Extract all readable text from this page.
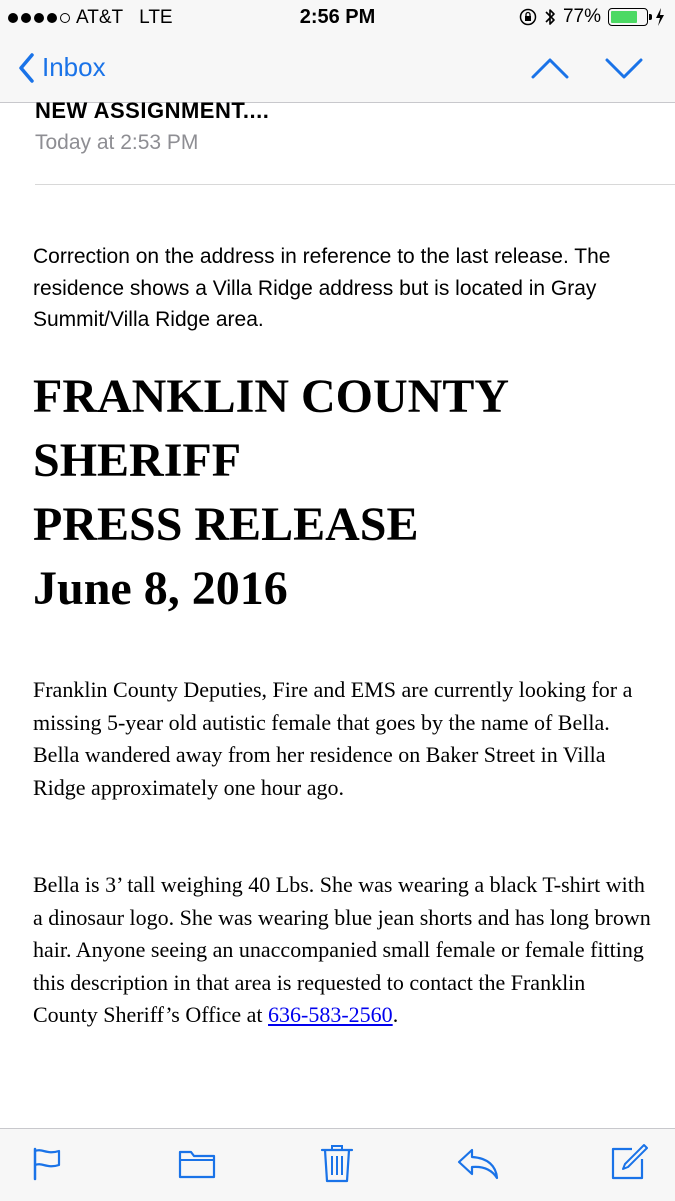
AT&T LTE	2:56 PM	77%
Inbox
NEW ASSIGNMENT....
Today at 2:53 PM
Correction on the address in reference to the last release. The residence shows a Villa Ridge address but is located in Gray Summit/Villa Ridge area.
FRANKLIN COUNTY
SHERIFF
PRESS RELEASE
June 8, 2016
Franklin County Deputies, Fire and EMS are currently looking for a missing 5-year old autistic female that goes by the name of Bella. Bella wandered away from her residence on Baker Street in Villa Ridge approximately one hour ago.
Bella is 3’ tall weighing 40 Lbs. She was wearing a black T-shirt with a dinosaur logo. She was wearing blue jean shorts and has long brown hair. Anyone seeing an unaccompanied small female or female fitting this description in that area is requested to contact the Franklin County Sheriff’s Office at 636-583-2560.
